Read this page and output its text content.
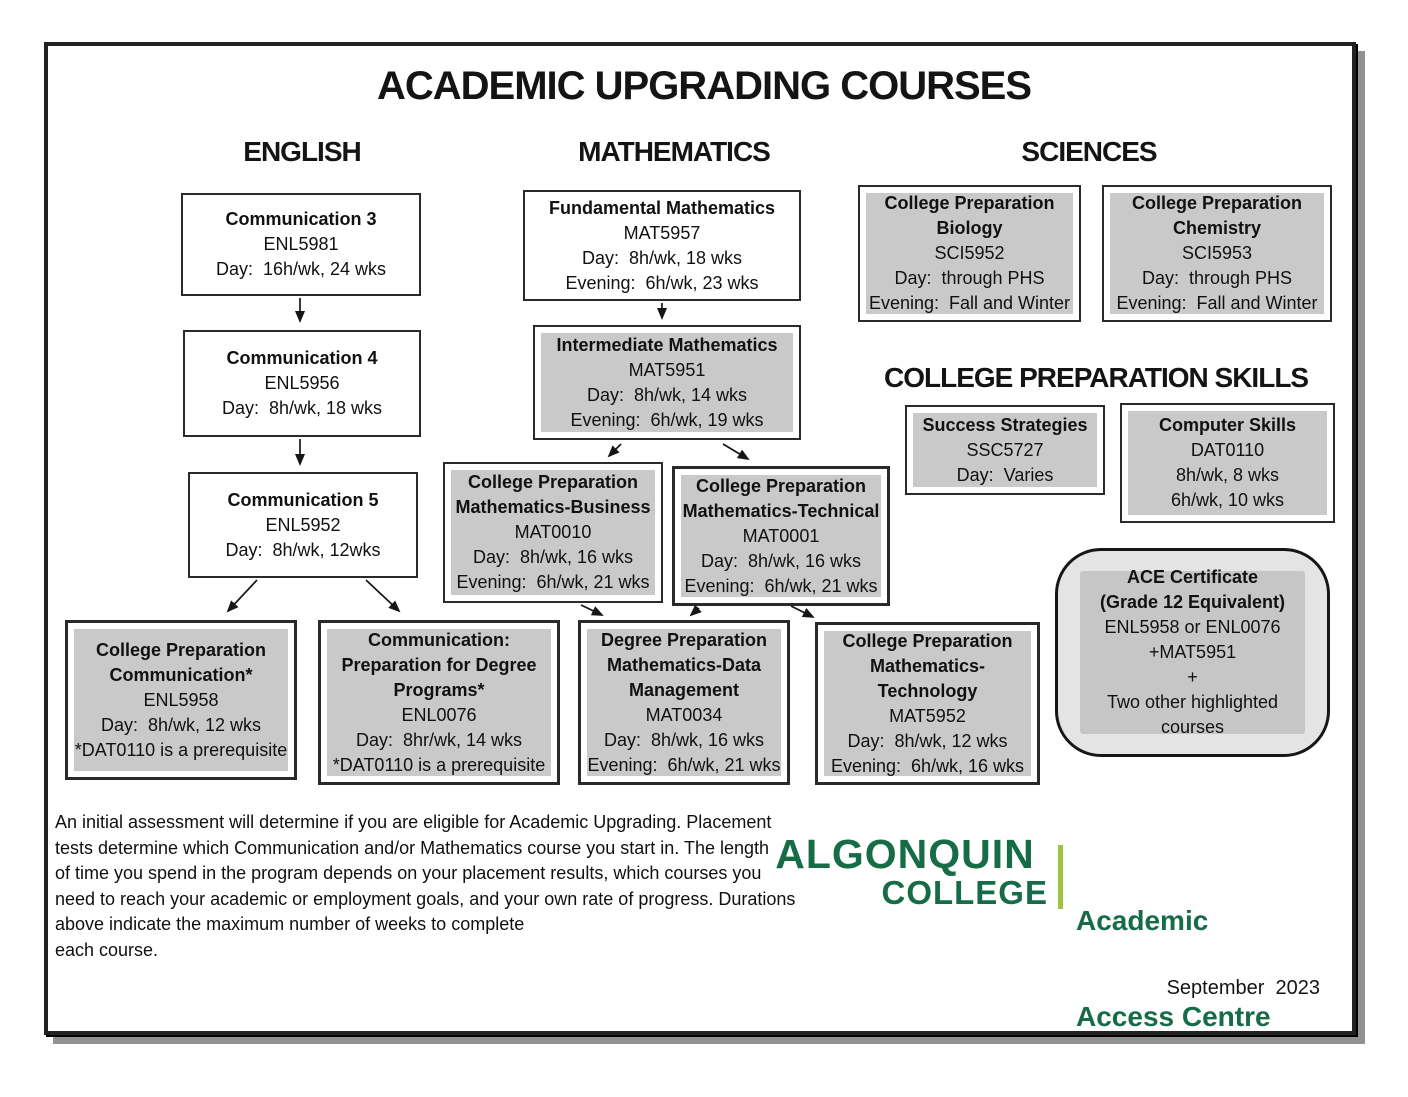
ACADEMIC UPGRADING COURSES
ENGLISH	MATHEMATICS	SCIENCES
COLLEGE PREPARATION SKILLS
Communication 3
ENL5981
Day:  16h/wk, 24 wks
Communication 4
ENL5956
Day:  8h/wk, 18 wks
Communication 5
ENL5952
Day:  8h/wk, 12wks
College Preparation
Communication*
ENL5958
Day:  8h/wk, 12 wks
*DAT0110 is a prerequisite
Communication:
Preparation for Degree
Programs*
ENL0076
Day:  8hr/wk, 14 wks
*DAT0110 is a prerequisite
Fundamental Mathematics
MAT5957
Day:  8h/wk, 18 wks
Evening:  6h/wk, 23 wks
Intermediate Mathematics
MAT5951
Day:  8h/wk, 14 wks
Evening:  6h/wk, 19 wks
College Preparation
Mathematics-Business
MAT0010
Day:  8h/wk, 16 wks
Evening:  6h/wk, 21 wks
College Preparation
Mathematics-Technical
MAT0001
Day:  8h/wk, 16 wks
Evening:  6h/wk, 21 wks
Degree Preparation
Mathematics-Data
Management
MAT0034
Day:  8h/wk, 16 wks
Evening:  6h/wk, 21 wks
College Preparation
Mathematics-
Technology
MAT5952
Day:  8h/wk, 12 wks
Evening:  6h/wk, 16 wks
College Preparation
Biology
SCI5952
Day:  through PHS
Evening:  Fall and Winter
College Preparation
Chemistry
SCI5953
Day:  through PHS
Evening:  Fall and Winter
Success Strategies
SSC5727
Day:  Varies
Computer Skills
DAT0110
8h/wk, 8 wks
6h/wk, 10 wks
ACE Certificate
(Grade 12 Equivalent)
ENL5958 or ENL0076
+MAT5951
+
Two other highlighted
courses
An initial assessment will determine if you are eligible for Academic Upgrading. Placement
tests determine which Communication and/or Mathematics course you start in. The length
of time you spend in the program depends on your placement results, which courses you
need to reach your academic or employment goals, and your own rate of progress. Durations
above indicate the maximum number of weeks to complete
each course.
ALGONQUIN
COLLEGE

Academic

Access Centre

September  2023
